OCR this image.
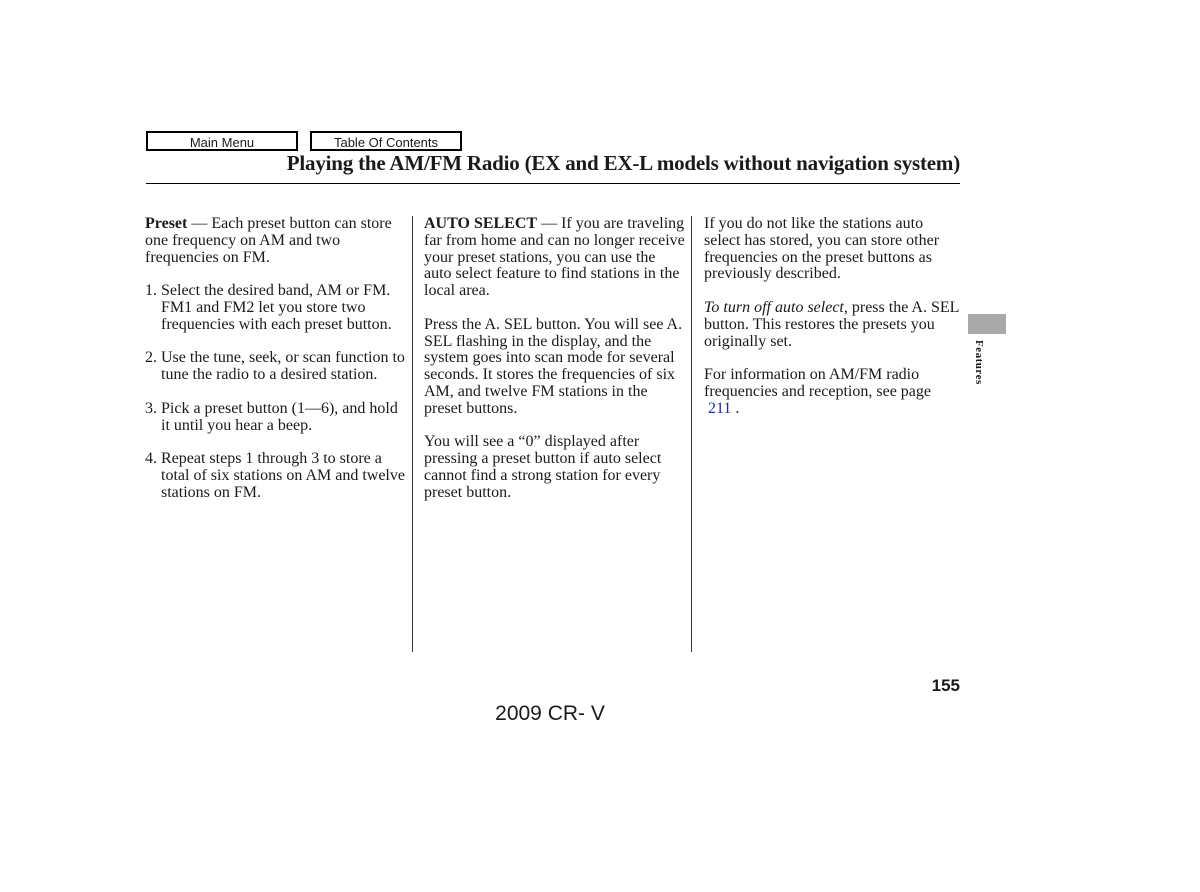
Main Menu	Table Of Contents
Playing the AM/FM Radio (EX and EX-L models without navigation system)

Preset — Each preset button can store one frequency on AM and two frequencies on FM.

1. Select the desired band, AM or FM. FM1 and FM2 let you store two frequencies with each preset button.
2. Use the tune, seek, or scan function to tune the radio to a desired station.
3. Pick a preset button (1—6), and hold it until you hear a beep.
4. Repeat steps 1 through 3 to store a total of six stations on AM and twelve stations on FM.

AUTO SELECT — If you are traveling far from home and can no longer receive your preset stations, you can use the auto select feature to find stations in the local area.

Press the A. SEL button. You will see A. SEL flashing in the display, and the system goes into scan mode for several seconds. It stores the frequencies of six AM, and twelve FM stations in the preset buttons.

You will see a “0” displayed after pressing a preset button if auto select cannot find a strong station for every preset button.

If you do not like the stations auto select has stored, you can store other frequencies on the preset buttons as previously described.

To turn off auto select, press the A. SEL button. This restores the presets you originally set.

For information on AM/FM radio frequencies and reception, see page 211 .

Features
155
2009 CR- V
